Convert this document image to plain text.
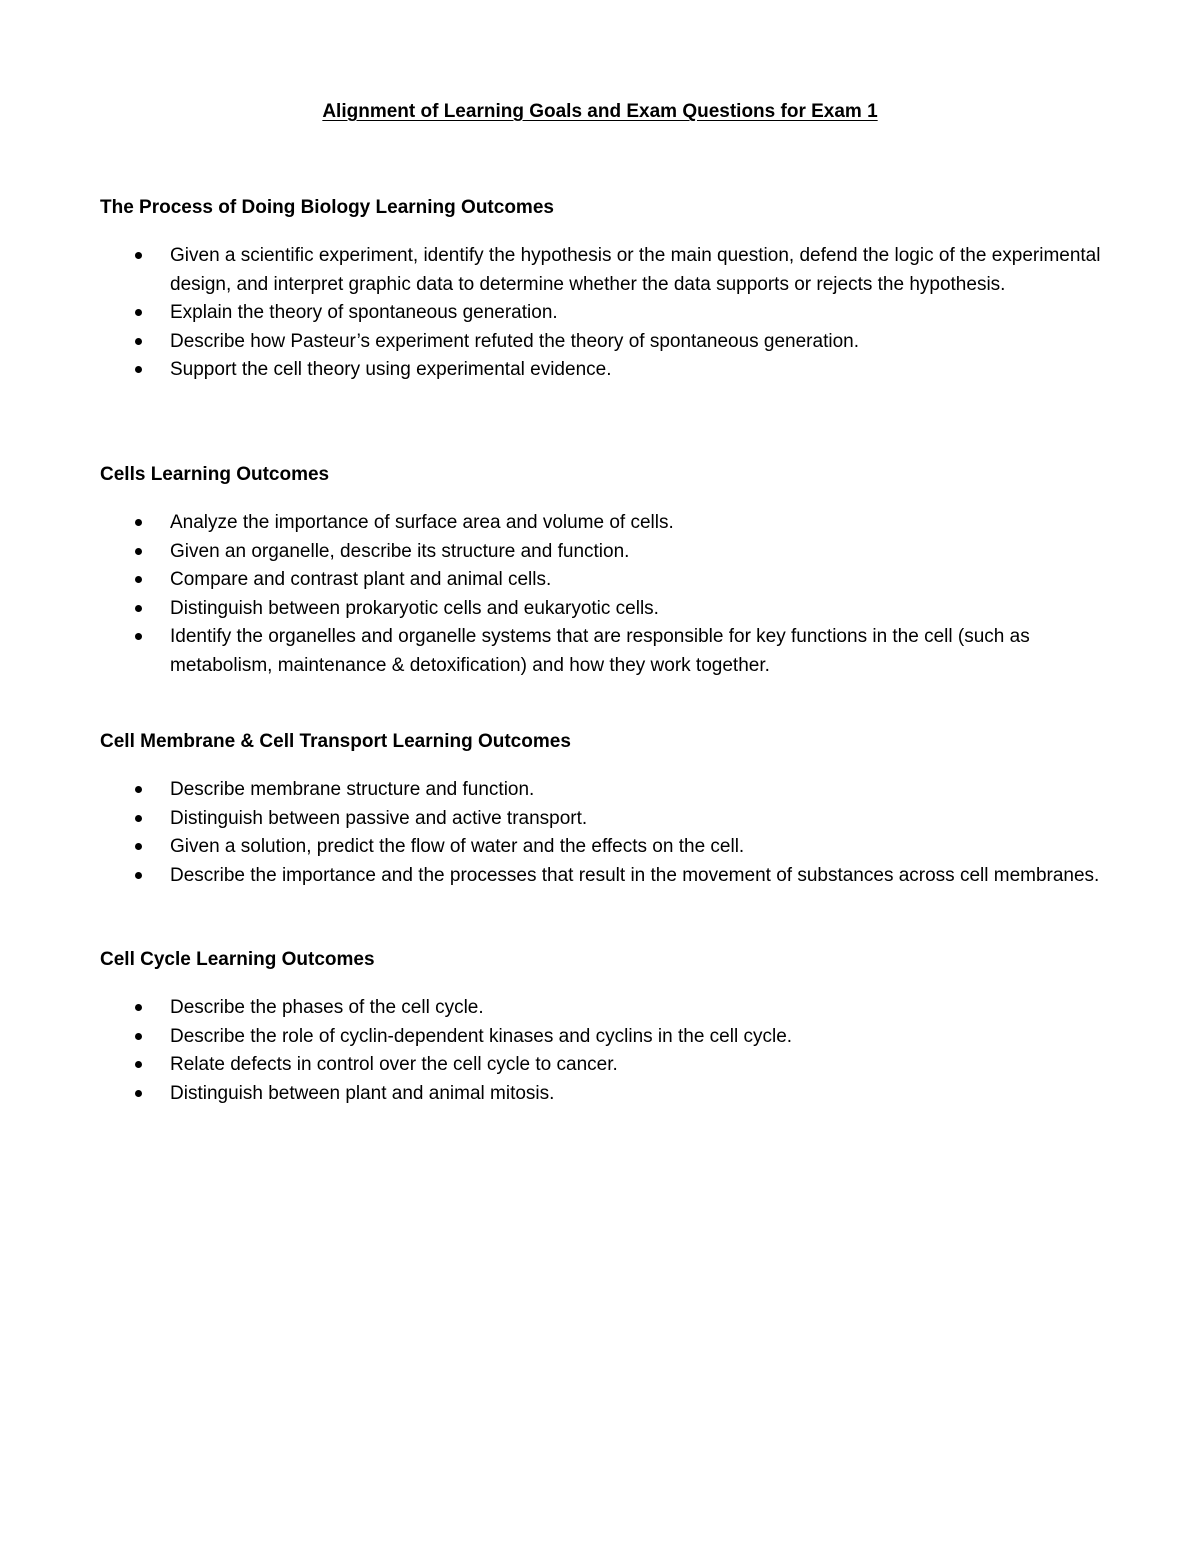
Alignment of Learning Goals and Exam Questions for Exam 1
The Process of Doing Biology Learning Outcomes
Given a scientific experiment, identify the hypothesis or the main question, defend the logic of the experimental design, and interpret graphic data to determine whether the data supports or rejects the hypothesis.
Explain the theory of spontaneous generation.
Describe how Pasteur’s experiment refuted the theory of spontaneous generation.
Support the cell theory using experimental evidence.
Cells Learning Outcomes
Analyze the importance of surface area and volume of cells.
Given an organelle, describe its structure and function.
Compare and contrast plant and animal cells.
Distinguish between prokaryotic cells and eukaryotic cells.
Identify the organelles and organelle systems that are responsible for key functions in the cell (such as metabolism, maintenance & detoxification) and how they work together.
Cell Membrane & Cell Transport Learning Outcomes
Describe membrane structure and function.
Distinguish between passive and active transport.
Given a solution, predict the flow of water and the effects on the cell.
Describe the importance and the processes that result in the movement of substances across cell membranes.
Cell Cycle Learning Outcomes
Describe the phases of the cell cycle.
Describe the role of cyclin-dependent kinases and cyclins in the cell cycle.
Relate defects in control over the cell cycle to cancer.
Distinguish between plant and animal mitosis.
